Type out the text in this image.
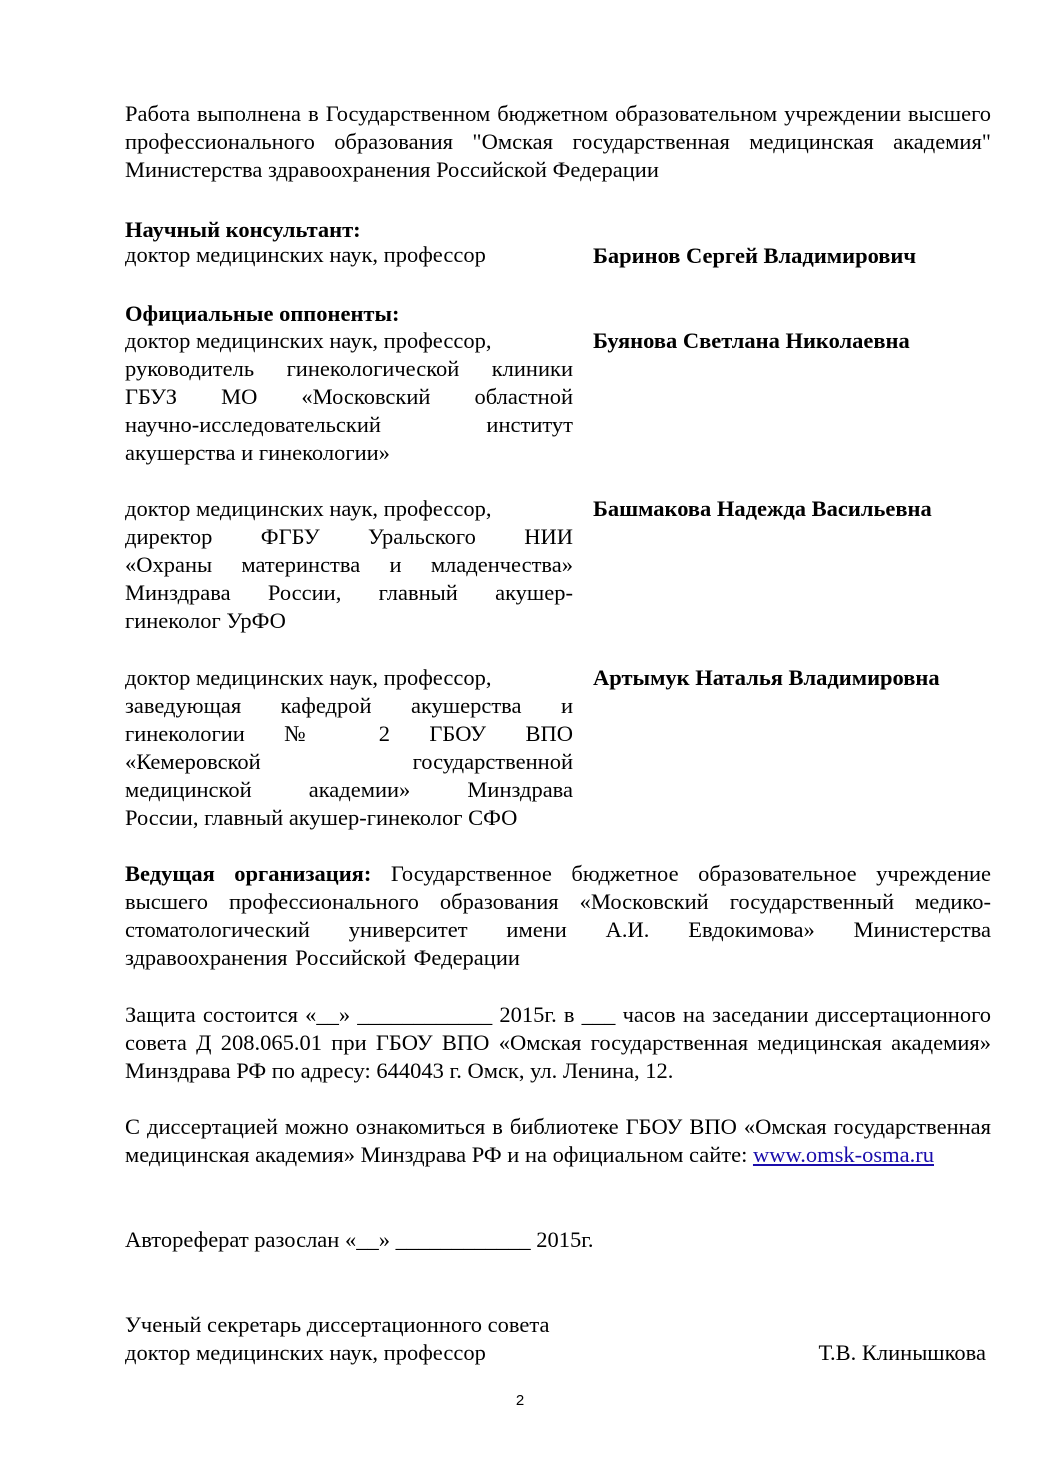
Работа выполнена в Государственном бюджетном образовательном учреждении высшего профессионального образования "Омская государственная медицинская академия" Министерства здравоохранения Российской Федерации
Научный консультант:
доктор медицинских наук, профессор	Баринов Сергей Владимирович
Официальные оппоненты:
доктор медицинских наук, профессор,
руководитель гинекологической клиники
ГБУЗ МО «Московский областной
научно-исследовательский институт
акушерства и гинекологии»
Буянова Светлана Николаевна
доктор медицинских наук, профессор,
директор ФГБУ Уральского НИИ
«Охраны материнства и младенчества»
Минздрава России, главный акушер-
гинеколог УрФО
Башмакова Надежда Васильевна
доктор медицинских наук, профессор,
заведующая кафедрой акушерства и
гинекологии № 2 ГБОУ ВПО
«Кемеровской государственной
медицинской академии» Минздрава
России, главный акушер-гинеколог СФО
Артымук Наталья Владимировна
Ведущая организация: Государственное бюджетное образовательное учреждение высшего профессионального образования «Московский государственный медико-стоматологический университет имени А.И. Евдокимова» Министерства здравоохранения Российской Федерации
Защита состоится «__» ____________ 2015г. в ___ часов на заседании диссертационного совета Д 208.065.01 при ГБОУ ВПО «Омская государственная медицинская академия» Минздрава РФ по адресу: 644043 г. Омск, ул. Ленина, 12.
С диссертацией можно ознакомиться в библиотеке ГБОУ ВПО «Омская государственная медицинская академия» Минздрава РФ и на официальном сайте: www.omsk-osma.ru
Автореферат разослан «__» ____________ 2015г.
Ученый секретарь диссертационного совета
доктор медицинских наук, профессор	Т.В. Клинышкова
2
